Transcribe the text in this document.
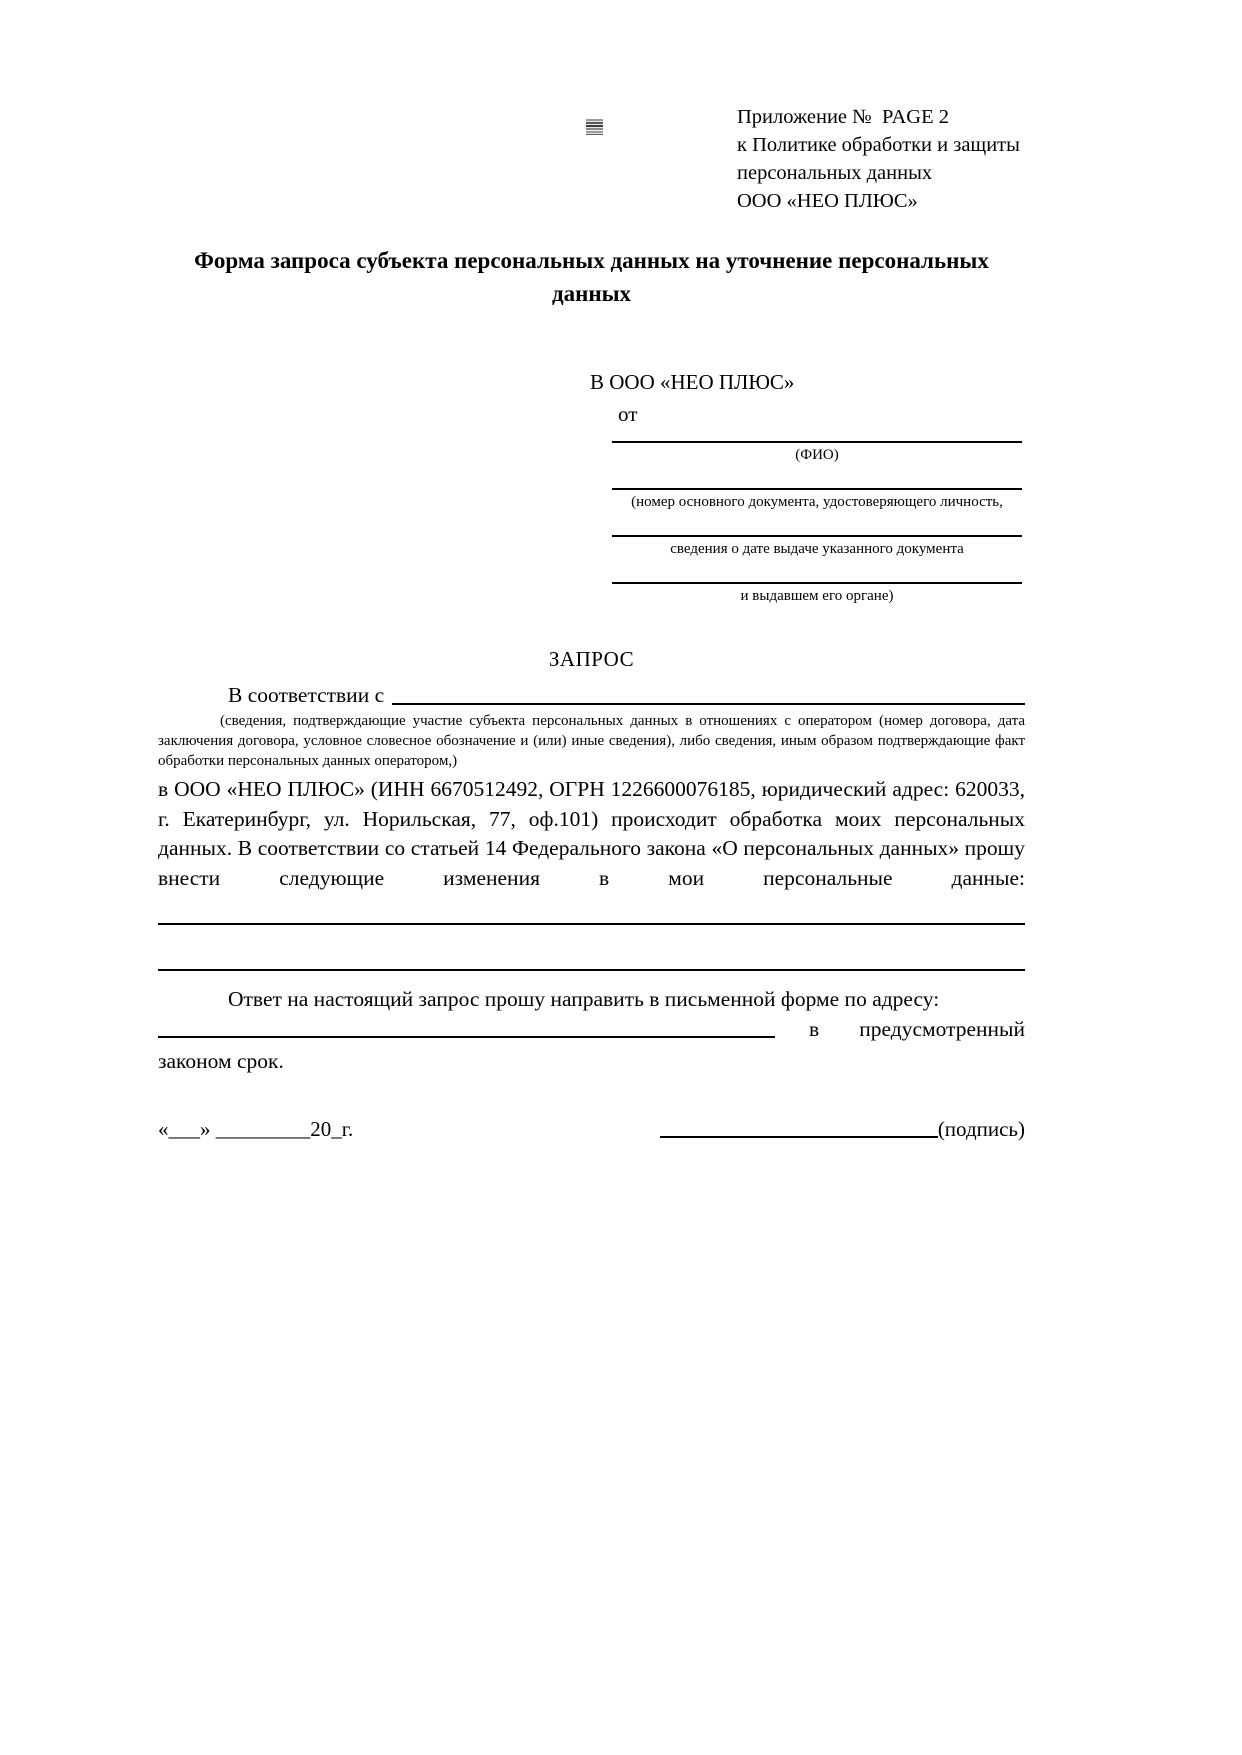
Приложение №  PAGE 2
к Политике обработки и защиты
персональных данных
ООО «НЕО ПЛЮС»
Форма запроса субъекта персональных данных на уточнение персональных данных
В ООО «НЕО ПЛЮС»
от
(ФИО)
(номер основного документа, удостоверяющего личность,
сведения о дате выдаче указанного документа
и выдавшем его органе)
ЗАПРОС
В соответствии с

(сведения, подтверждающие участие субъекта персональных данных в отношениях с оператором (номер договора, дата заключения договора, условное словесное обозначение и (или) иные сведения), либо сведения, иным образом подтверждающие факт обработки персональных данных оператором,)

в ООО «НЕО ПЛЮС» (ИНН 6670512492, ОГРН 1226600076185, юридический адрес: 620033, г. Екатеринбург, ул. Норильская, 77, оф.101) происходит обработка моих персональных данных. В соответствии со статьей 14 Федерального закона «О персональных данных» прошу внести следующие изменения в мои персональные данные:

Ответ на настоящий запрос прошу направить в письменной форме по адресу:

в предусмотренный

законом срок.

«___» _________20_г.	(подпись)
